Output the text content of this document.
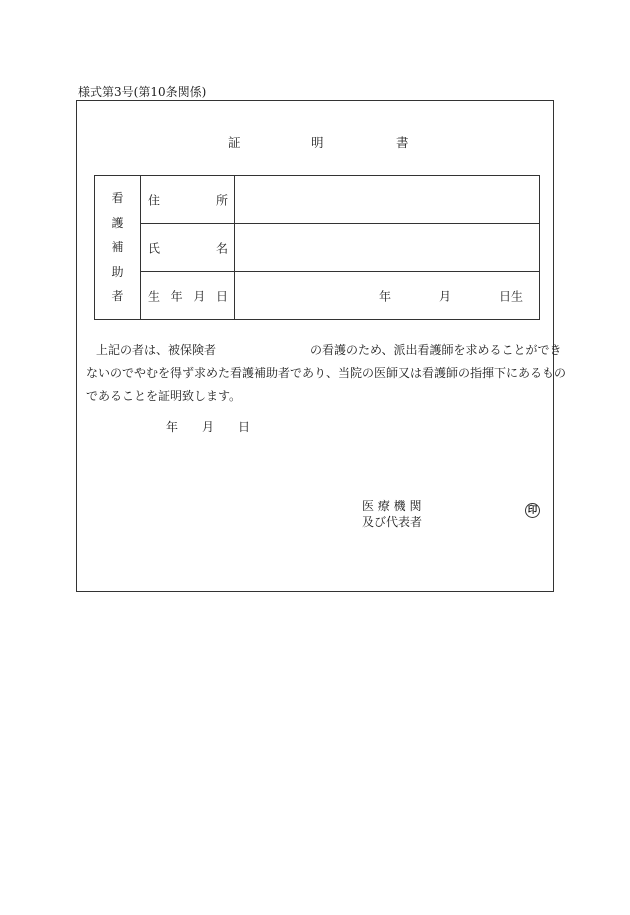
様式第3号(第10条関係)
証	明	書
看
護
補
助
者	住 所	

	氏 名	

	生 年 月 日	年 月 日生
上記の者は、被保険者	の看護のため、派出看護師を求めることができ
ないのでやむを得ず求めた看護補助者であり、当院の医師又は看護師の指揮下にあるもの
であることを証明致します。
年 月 日
医 療 機 関
及び代表者
印
